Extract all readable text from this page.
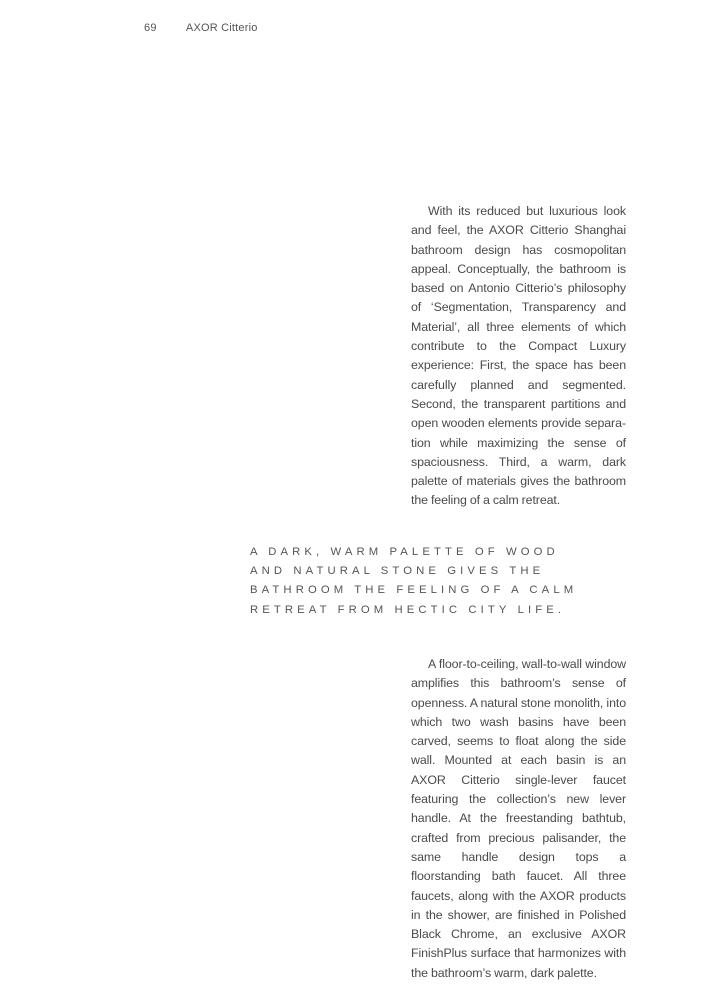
69	AXOR Citterio

With its reduced but luxurious look and feel, the AXOR Citterio Shanghai bathroom design has cosmopolitan appeal. Conceptually, the bathroom is based on Antonio Citterio’s philosophy of ‘Segmentation, Transparency and Material’, all three elements of which contribute to the Compact Luxury experience: First, the space has been carefully planned and segmented. Second, the transparent partitions and open wooden elements provide separation while maximizing the sense of spaciousness. Third, a warm, dark palette of materials gives the bathroom the feeling of a calm retreat.

A DARK, WARM PALETTE OF WOOD
AND NATURAL STONE GIVES THE
BATHROOM THE FEELING OF A CALM
RETREAT FROM HECTIC CITY LIFE.

A floor-to-ceiling, wall-to-wall window amplifies this bathroom’s sense of openness. A natural stone monolith, into which two wash basins have been carved, seems to float along the side wall. Mounted at each basin is an AXOR Citterio single-lever faucet featuring the collection’s new lever handle. At the freestanding bathtub, crafted from precious palisander, the same handle design tops a floorstanding bath faucet. All three faucets, along with the AXOR products in the shower, are finished in Polished Black Chrome, an exclusive AXOR FinishPlus surface that harmonizes with the bathroom’s warm, dark palette.
